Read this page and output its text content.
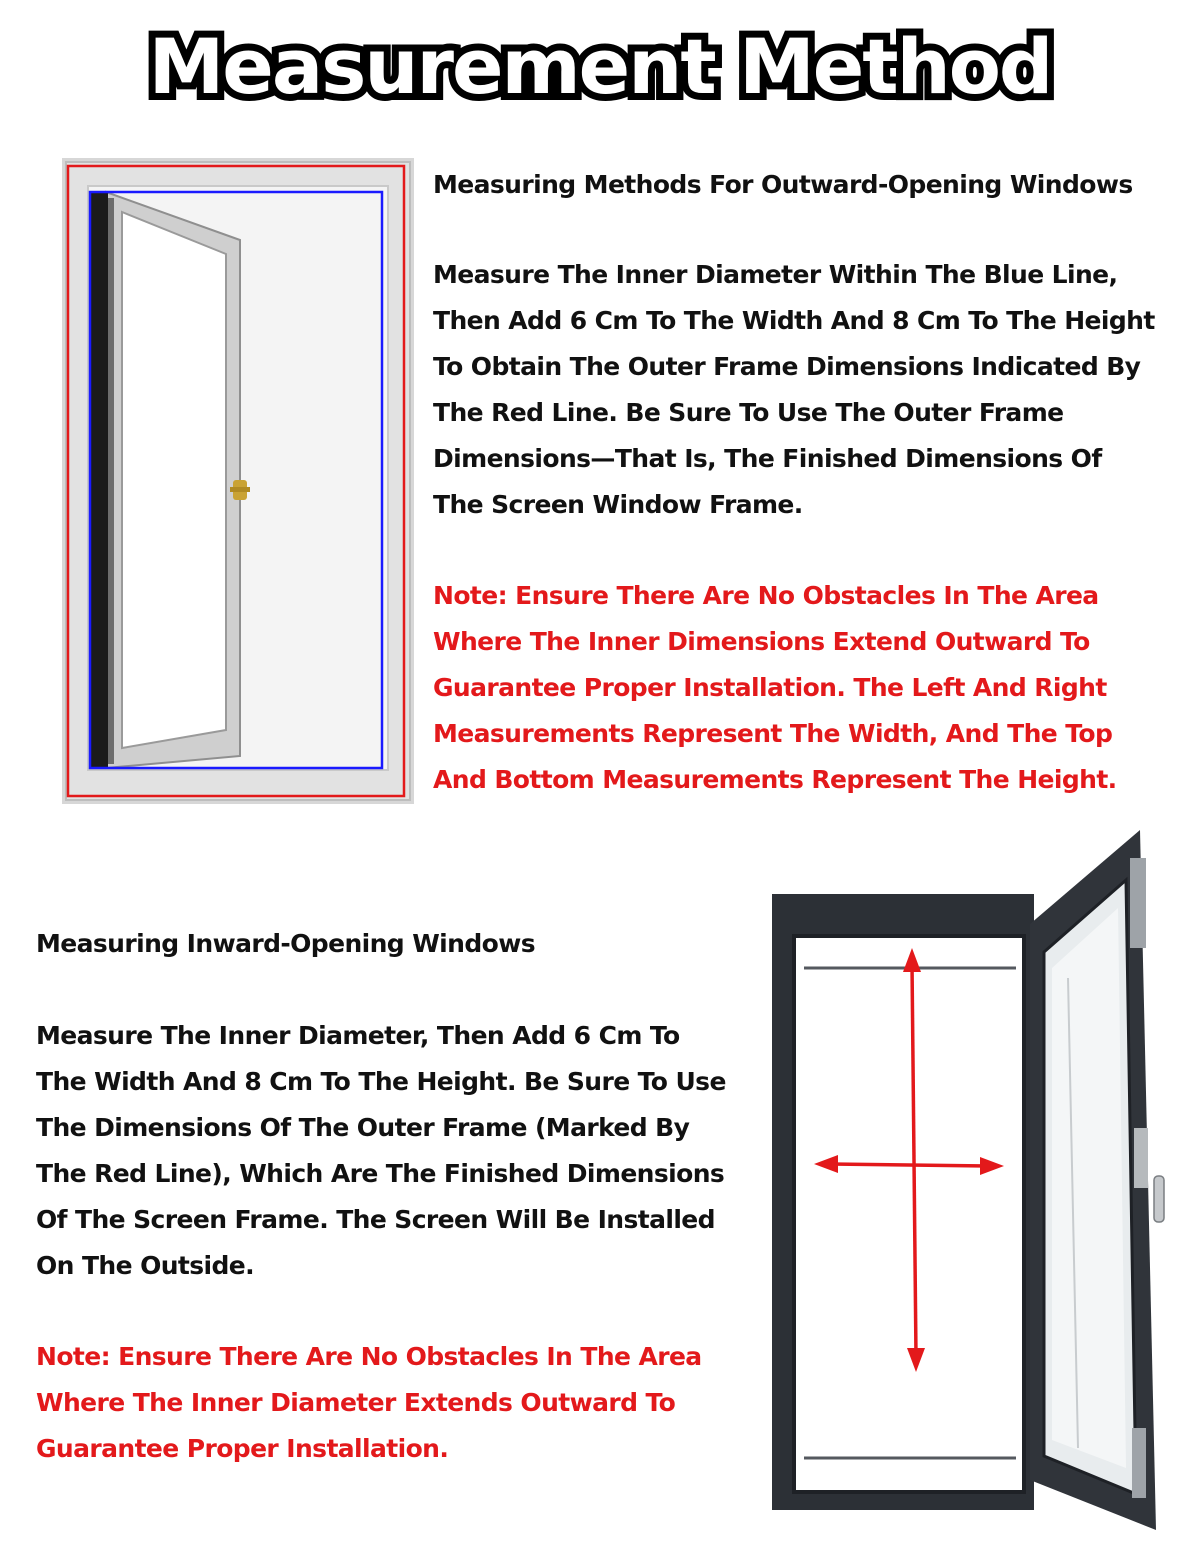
Measurement Method
Measuring Methods For Outward-Opening Windows
Measure The Inner Diameter Within The Blue Line,
Then Add 6 Cm To The Width And 8 Cm To The Height
To Obtain The Outer Frame Dimensions Indicated By
The Red Line. Be Sure To Use The Outer Frame
Dimensions—That Is, The Finished Dimensions Of
The Screen Window Frame.
Note: Ensure There Are No Obstacles In The Area
Where The Inner Dimensions Extend Outward To
Guarantee Proper Installation. The Left And Right
Measurements Represent The Width, And The Top
And Bottom Measurements Represent The Height.
Measuring Inward-Opening Windows
Measure The Inner Diameter, Then Add 6 Cm To
The Width And 8 Cm To The Height. Be Sure To Use
The Dimensions Of The Outer Frame (Marked By
The Red Line), Which Are The Finished Dimensions
Of The Screen Frame. The Screen Will Be Installed
On The Outside.
Note: Ensure There Are No Obstacles In The Area
Where The Inner Diameter Extends Outward To
Guarantee Proper Installation.
